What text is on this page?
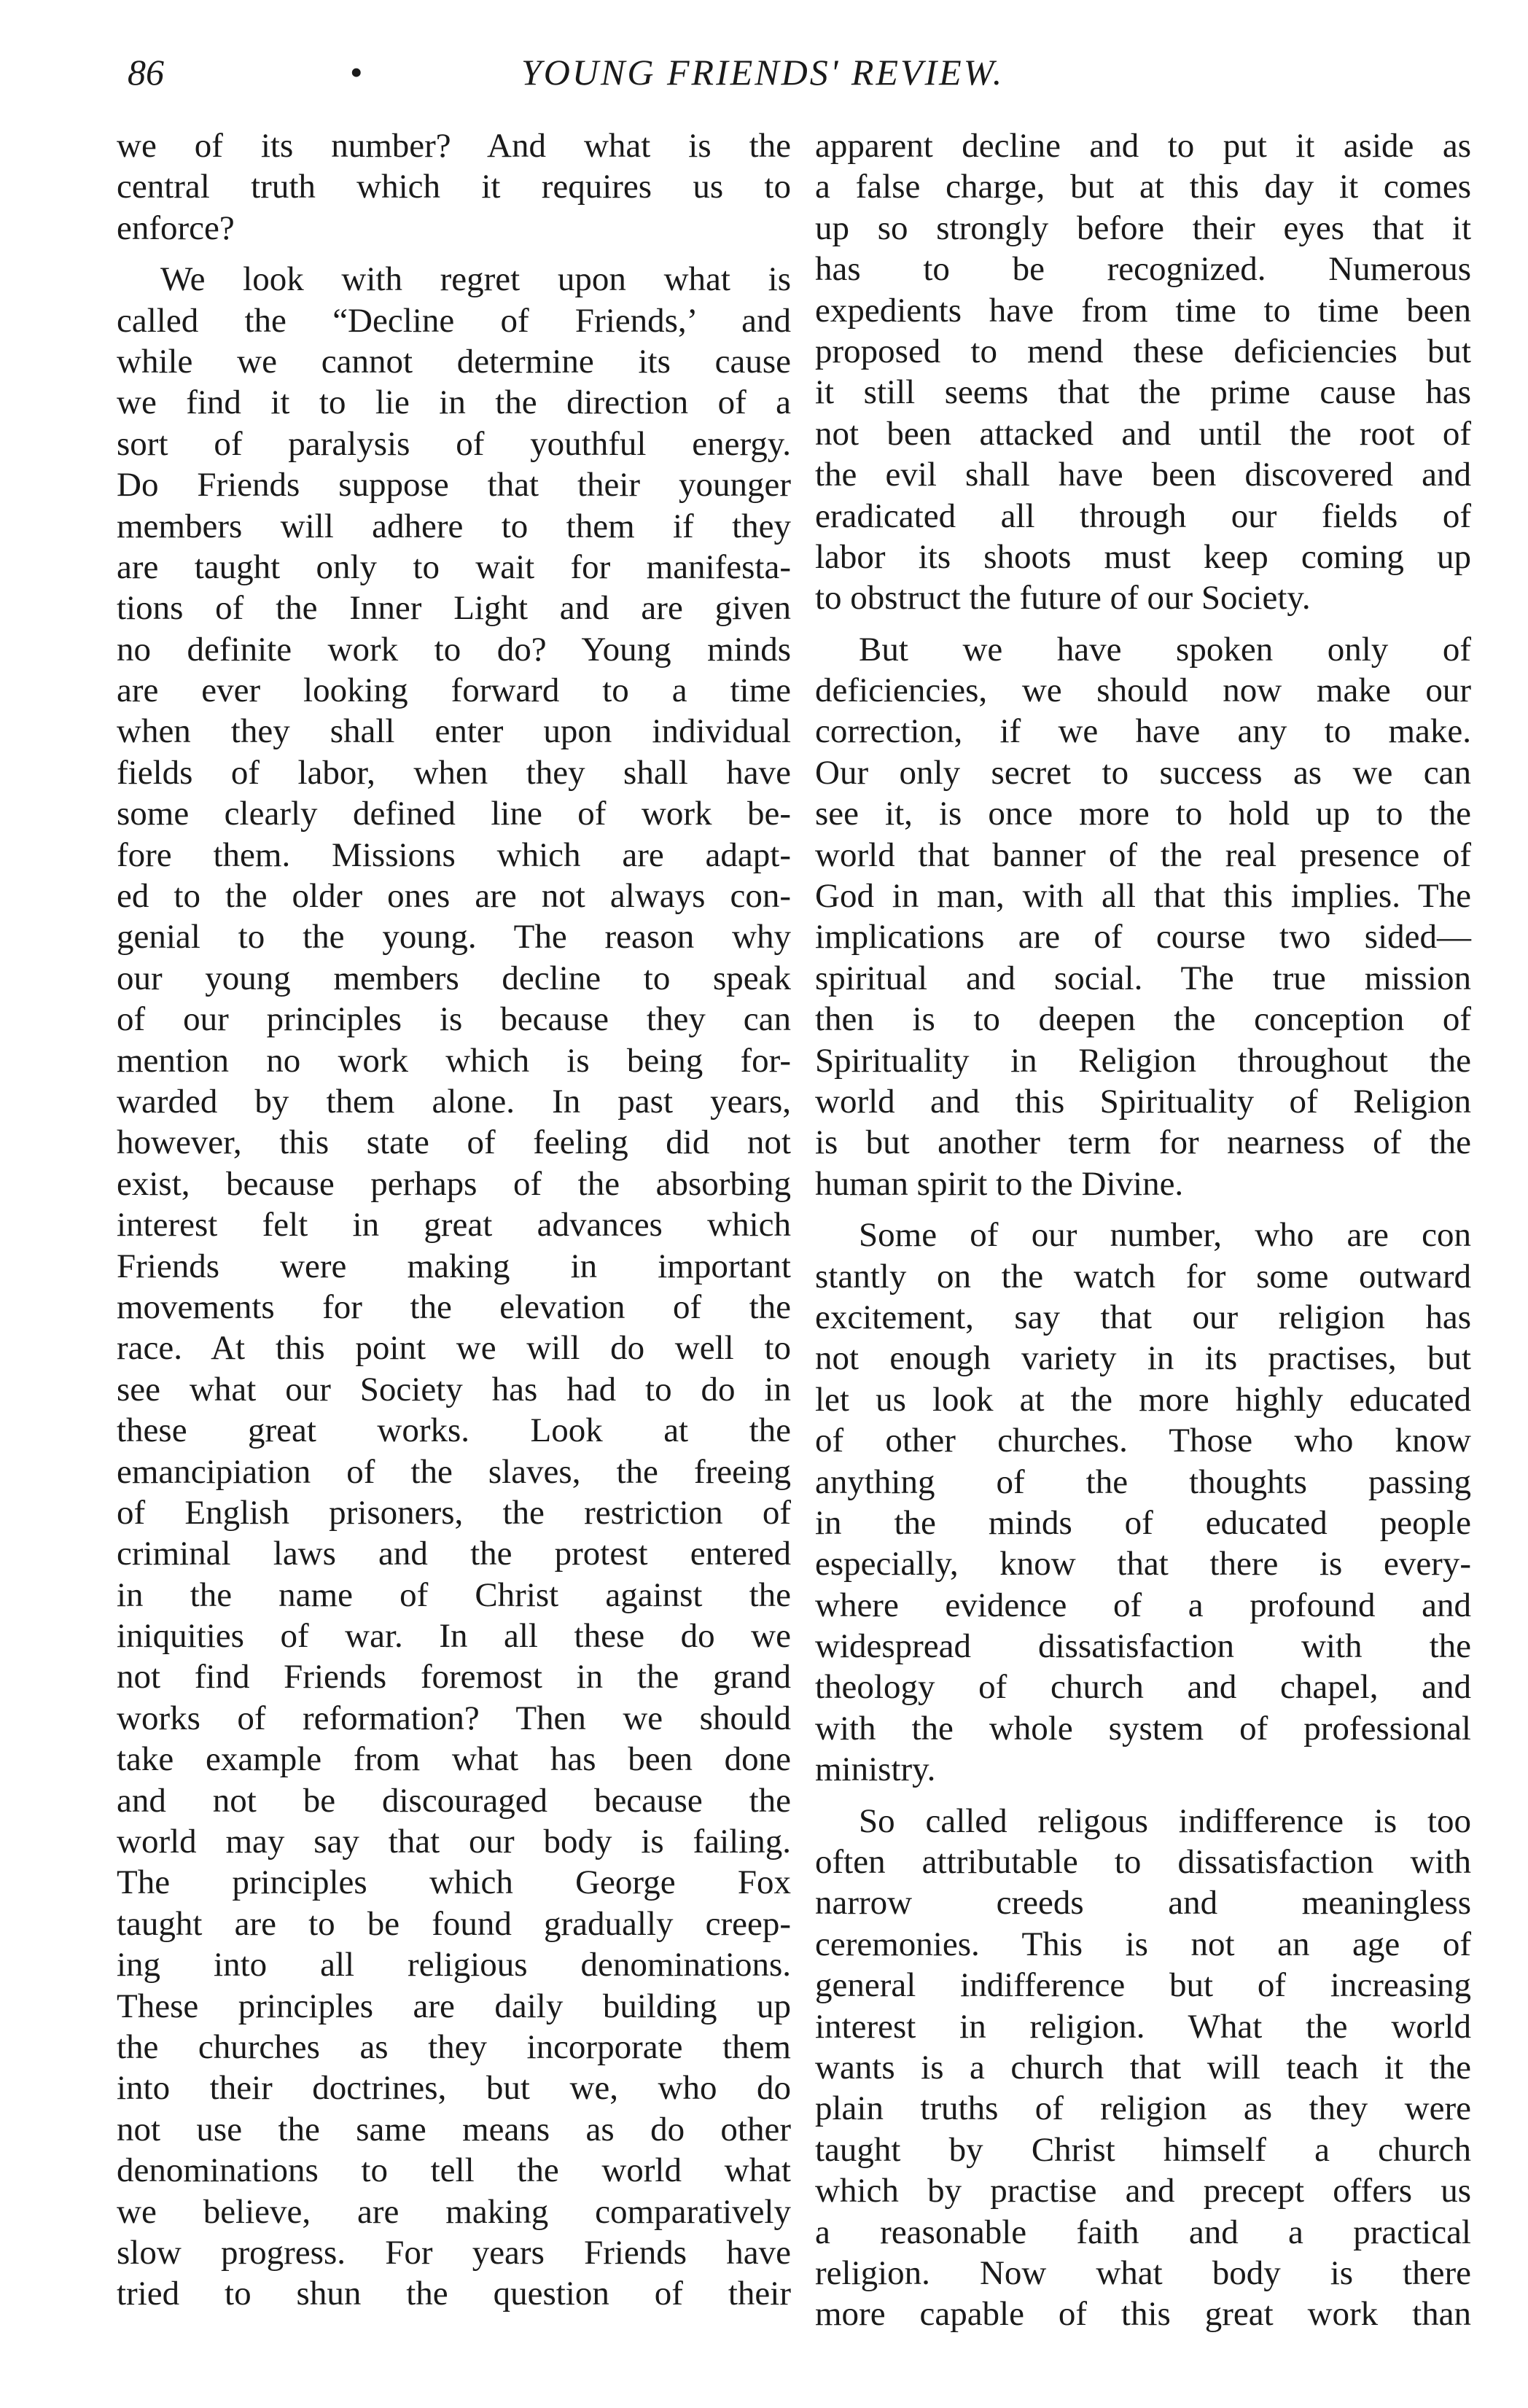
86	•	YOUNG FRIENDS' REVIEW.
we of its number? And what is the
central truth which it requires us to
enforce?
We look with regret upon what is
called the “Decline of Friends,’ and
while we cannot determine its cause
we find it to lie in the direction of a
sort of paralysis of youthful energy.
Do Friends suppose that their younger
members will adhere to them if they
are taught only to wait for manifesta-
tions of the Inner Light and are given
no definite work to do? Young minds
are ever looking forward to a time
when they shall enter upon individual
fields of labor, when they shall have
some clearly defined line of work be-
fore them. Missions which are adapt-
ed to the older ones are not always con-
genial to the young. The reason why
our young members decline to speak
of our principles is because they can
mention no work which is being for-
warded by them alone. In past years,
however, this state of feeling did not
exist, because perhaps of the absorbing
interest felt in great advances which
Friends were making in important
movements for the elevation of the
race. At this point we will do well to
see what our Society has had to do in
these great works. Look at the
emancipiation of the slaves, the freeing
of English prisoners, the restriction of
criminal laws and the protest entered
in the name of Christ against the
iniquities of war. In all these do we
not find Friends foremost in the grand
works of reformation? Then we should
take example from what has been done
and not be discouraged because the
world may say that our body is failing.
The principles which George Fox
taught are to be found gradually creep-
ing into all religious denominations.
These principles are daily building up
the churches as they incorporate them
into their doctrines, but we, who do
not use the same means as do other
denominations to tell the world what
we believe, are making comparatively
slow progress. For years Friends have
tried to shun the question of their
apparent decline and to put it aside as
a false charge, but at this day it comes
up so strongly before their eyes that it
has to be recognized. Numerous
expedients have from time to time been
proposed to mend these deficiencies but
it still seems that the prime cause has
not been attacked and until the root of
the evil shall have been discovered and
eradicated all through our fields of
labor its shoots must keep coming up
to obstruct the future of our Society.
But we have spoken only of
deficiencies, we should now make our
correction, if we have any to make.
Our only secret to success as we can
see it, is once more to hold up to the
world that banner of the real presence of
God in man, with all that this implies. The
implications are of course two sided—
spiritual and social. The true mission
then is to deepen the conception of
Spirituality in Religion throughout the
world and this Spirituality of Religion
is but another term for nearness of the
human spirit to the Divine.
Some of our number, who are con
stantly on the watch for some outward
excitement, say that our religion has
not enough variety in its practises, but
let us look at the more highly educated
of other churches. Those who know
anything of the thoughts passing
in the minds of educated people
especially, know that there is every-
where evidence of a profound and
widespread dissatisfaction with the
theology of church and chapel, and
with the whole system of professional
ministry.
So called religous indifference is too
often attributable to dissatisfaction with
narrow creeds and meaningless
ceremonies. This is not an age of
general indifference but of increasing
interest in religion. What the world
wants is a church that will teach it the
plain truths of religion as they were
taught by Christ himself a church
which by practise and precept offers us
a reasonable faith and a practical
religion. Now what body is there
more capable of this great work than
